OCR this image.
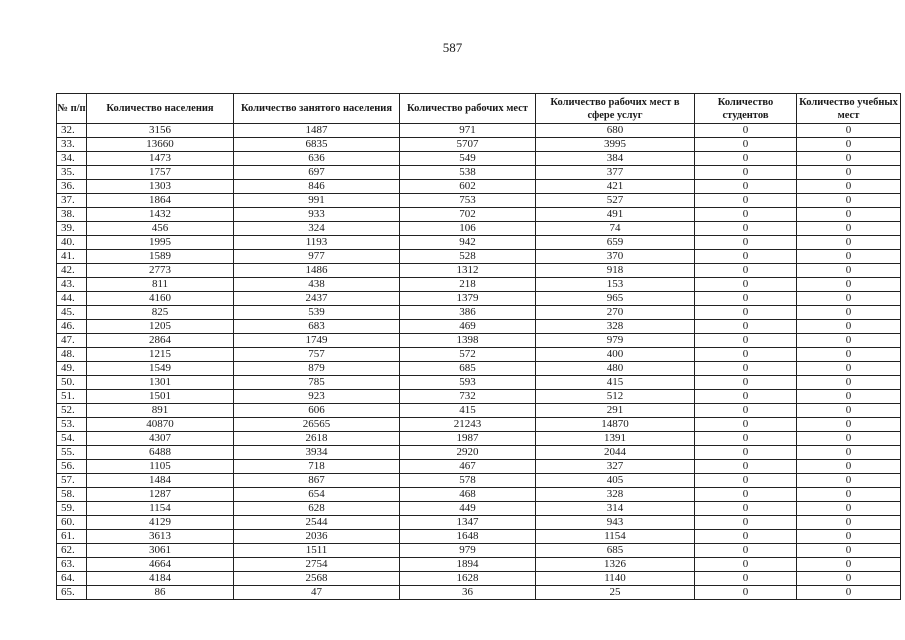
587
№ п/п	Количество населения	Количество занятого населения	Количество рабочих мест	Количество рабочих мест в сфере услуг	Количество студентов	Количество учебных мест
32.	3156	1487	971	680	0	0
33.	13660	6835	5707	3995	0	0
34.	1473	636	549	384	0	0
35.	1757	697	538	377	0	0
36.	1303	846	602	421	0	0
37.	1864	991	753	527	0	0
38.	1432	933	702	491	0	0
39.	456	324	106	74	0	0
40.	1995	1193	942	659	0	0
41.	1589	977	528	370	0	0
42.	2773	1486	1312	918	0	0
43.	811	438	218	153	0	0
44.	4160	2437	1379	965	0	0
45.	825	539	386	270	0	0
46.	1205	683	469	328	0	0
47.	2864	1749	1398	979	0	0
48.	1215	757	572	400	0	0
49.	1549	879	685	480	0	0
50.	1301	785	593	415	0	0
51.	1501	923	732	512	0	0
52.	891	606	415	291	0	0
53.	40870	26565	21243	14870	0	0
54.	4307	2618	1987	1391	0	0
55.	6488	3934	2920	2044	0	0
56.	1105	718	467	327	0	0
57.	1484	867	578	405	0	0
58.	1287	654	468	328	0	0
59.	1154	628	449	314	0	0
60.	4129	2544	1347	943	0	0
61.	3613	2036	1648	1154	0	0
62.	3061	1511	979	685	0	0
63.	4664	2754	1894	1326	0	0
64.	4184	2568	1628	1140	0	0
65.	86	47	36	25	0	0
